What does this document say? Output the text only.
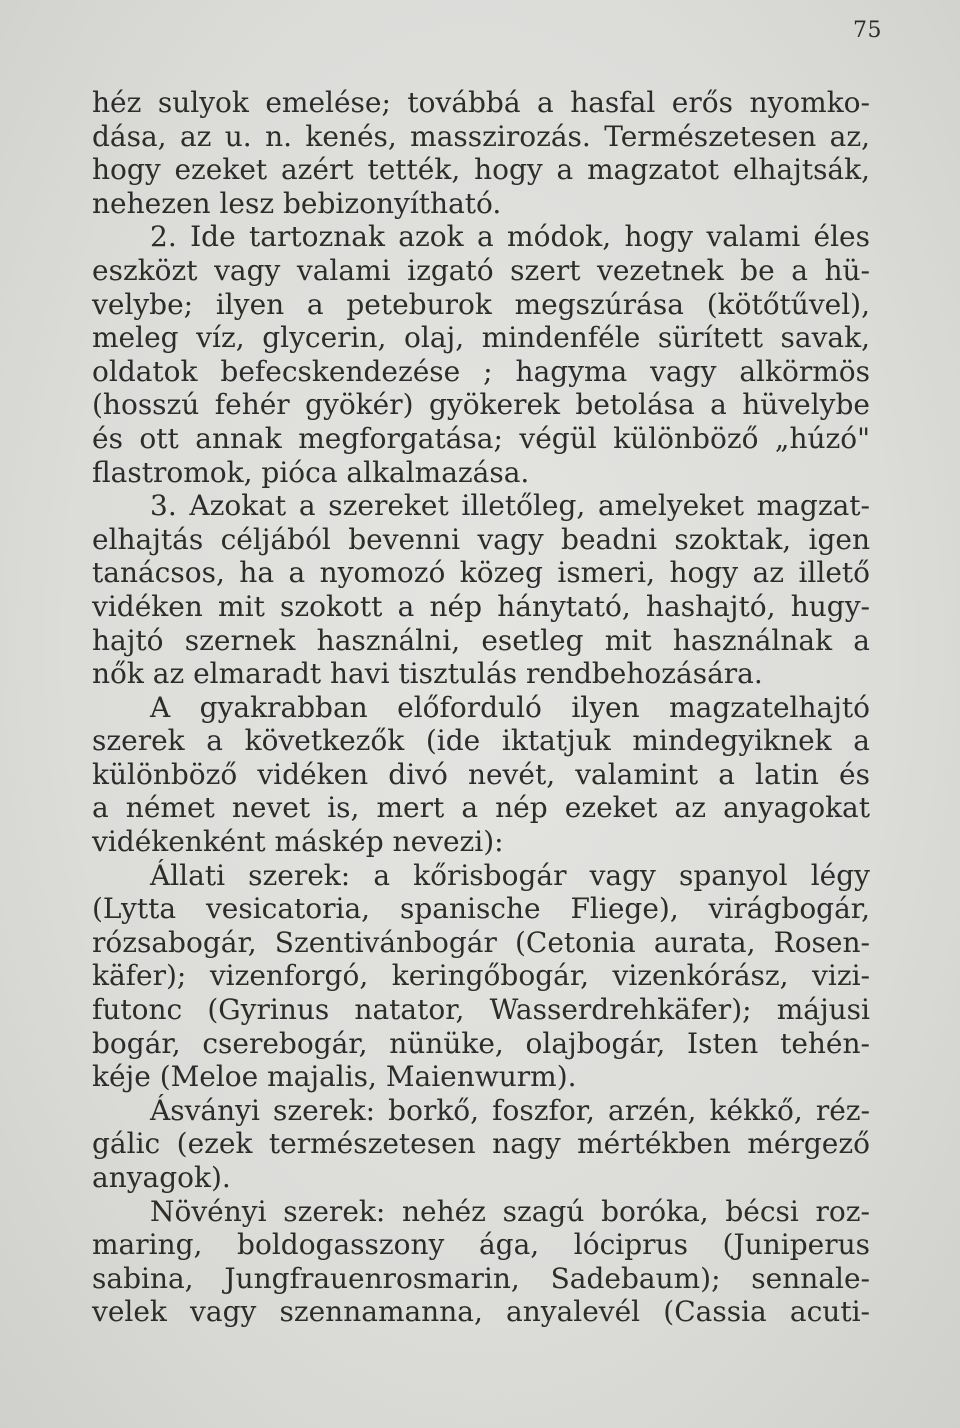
75
héz sulyok emelése; továbbá a hasfal erős nyomko-
dása, az u. n. kenés, masszirozás. Természetesen az,
hogy ezeket azért tették, hogy a magzatot elhajtsák,
nehezen lesz bebizonyítható.
2. Ide tartoznak azok a módok, hogy valami éles
eszközt vagy valami izgató szert vezetnek be a hü-
velybe; ilyen a peteburok megszúrása (kötőtűvel),
meleg víz, glycerin, olaj, mindenféle sürített savak,
oldatok befecskendezése ; hagyma vagy alkörmös
(hosszú fehér gyökér) gyökerek betolása a hüvelybe
és ott annak megforgatása; végül különböző „húzó"
flastromok, pióca alkalmazása.
3. Azokat a szereket illetőleg, amelyeket magzat-
elhajtás céljából bevenni vagy beadni szoktak, igen
tanácsos, ha a nyomozó közeg ismeri, hogy az illető
vidéken mit szokott a nép hánytató, hashajtó, hugy-
hajtó szernek használni, esetleg mit használnak a
nők az elmaradt havi tisztulás rendbehozására.
A gyakrabban előforduló ilyen magzatelhajtó
szerek a következők (ide iktatjuk mindegyiknek a
különböző vidéken divó nevét, valamint a latin és
a német nevet is, mert a nép ezeket az anyagokat
vidékenként máskép nevezi):
Állati szerek: a kőrisbogár vagy spanyol légy
(Lytta vesicatoria, spanische Fliege), virágbogár,
rózsabogár, Szentivánbogár (Cetonia aurata, Rosen-
käfer); vizenforgó, keringőbogár, vizenkórász, vizi-
futonc (Gyrinus natator, Wasserdrehkäfer); májusi
bogár, cserebogár, nünüke, olajbogár, Isten tehén-
kéje (Meloe majalis, Maienwurm).
Ásványi szerek: borkő, foszfor, arzén, kékkő, réz-
gálic (ezek természetesen nagy mértékben mérgező
anyagok).
Növényi szerek: nehéz szagú boróka, bécsi roz-
maring, boldogasszony ága, lóciprus (Juniperus
sabina, Jungfrauenrosmarin, Sadebaum); sennale-
velek vagy szennamanna, anyalevél (Cassia acuti-
